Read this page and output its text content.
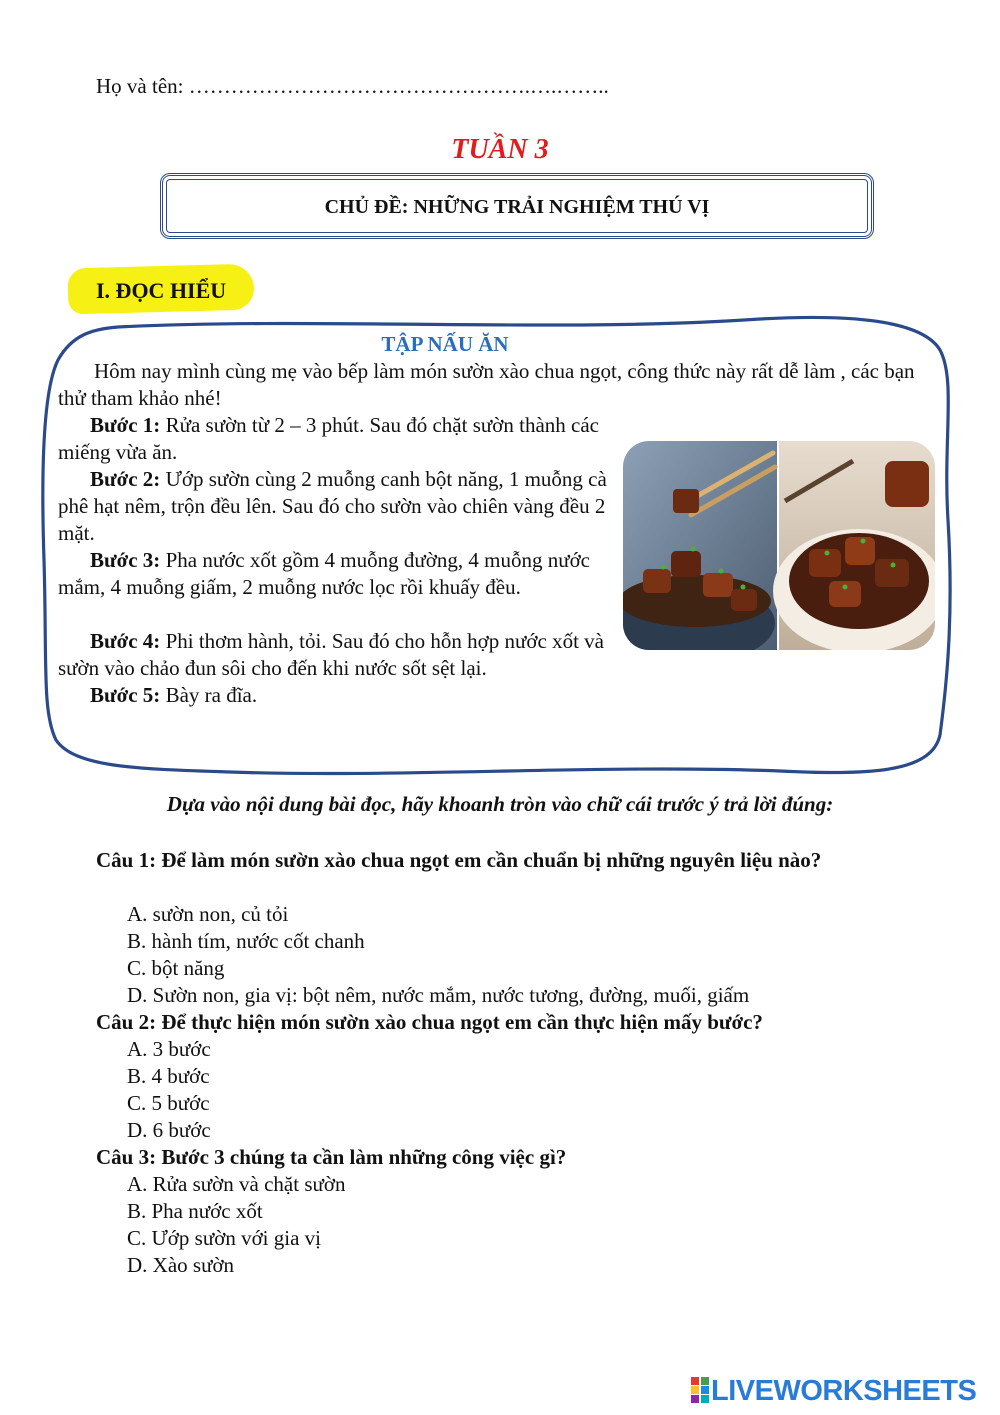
Họ và tên: ………………………………………….….……..
TUẦN 3
CHỦ ĐỀ: NHỮNG TRẢI NGHIỆM THÚ VỊ
I. ĐỌC HIỂU
TẬP NẤU ĂN
Hôm nay mình cùng mẹ vào bếp làm món sườn xào chua ngọt, công thức này rất dễ làm , các bạn thử tham khảo nhé!
Bước 1: Rửa sườn từ 2 – 3 phút. Sau đó chặt sườn thành các miếng vừa ăn.
Bước 2: Ướp sườn cùng 2 muỗng canh bột năng, 1 muỗng cà phê hạt nêm, trộn đều lên. Sau đó cho sườn vào chiên vàng đều 2 mặt.
Bước 3: Pha nước xốt gồm 4 muỗng đường, 4 muỗng nước mắm, 4 muỗng giấm, 2 muỗng nước lọc rồi khuấy đều.
Bước 4: Phi thơm hành, tỏi. Sau đó cho hỗn hợp nước xốt và sườn vào chảo đun sôi cho đến khi nước sốt sệt lại.
Bước 5: Bày ra đĩa.
Dựa vào nội dung bài đọc, hãy khoanh tròn vào chữ cái trước ý trả lời đúng:
Câu 1: Để làm món sườn xào chua ngọt em cần chuẩn bị những nguyên liệu nào?
A. sườn non, củ tỏi
B. hành tím, nước cốt chanh
C. bột năng
D. Sườn non, gia vị: bột nêm, nước mắm, nước tương, đường, muối, giấm
Câu 2: Để thực hiện món sườn xào chua ngọt em cần thực hiện mấy bước?
A. 3 bước
B. 4 bước
C. 5 bước
D. 6 bước
Câu 3: Bước 3 chúng ta cần làm những công việc gì?
A. Rửa sườn và chặt sườn
B. Pha nước xốt
C. Ướp sườn với gia vị
D. Xào sườn
LIVEWORKSHEETS
